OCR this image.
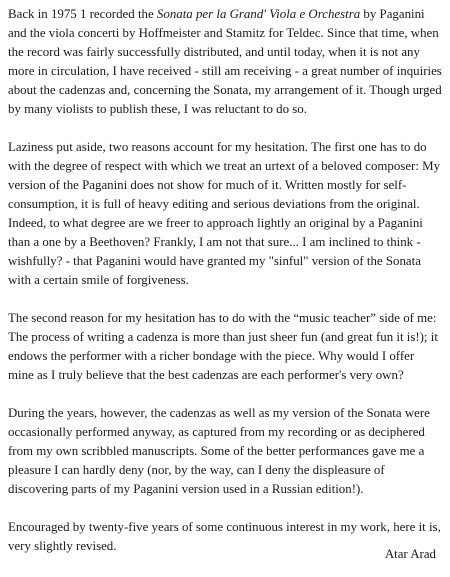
Back in 1975 1 recorded the Sonata per la Grand' Viola e Orchestra by Paganini and the viola concerti by Hoffmeister and Stamitz for Teldec. Since that time, when the record was fairly successfully distributed, and until today, when it is not any more in circulation, I have received - still am receiving - a great number of inquiries about the cadenzas and, concerning the Sonata, my arrangement of it. Though urged by many violists to publish these, I was reluctant to do so.

Laziness put aside, two reasons account for my hesitation. The first one has to do with the degree of respect with which we treat an urtext of a beloved composer: My version of the Paganini does not show for much of it. Written mostly for self-consumption, it is full of heavy editing and serious deviations from the original. Indeed, to what degree are we freer to approach lightly an original by a Paganini than a one by a Beethoven? Frankly, I am not that sure... I am inclined to think - wishfully? - that Paganini would have granted my "sinful" version of the Sonata with a certain smile of forgiveness.

The second reason for my hesitation has to do with the “music teacher” side of me: The process of writing a cadenza is more than just sheer fun (and great fun it is!); it endows the performer with a richer bondage with the piece. Why would I offer mine as I truly believe that the best cadenzas are each performer's very own?

During the years, however, the cadenzas as well as my version of the Sonata were occasionally performed anyway, as captured from my recording or as deciphered from my own scribbled manuscripts. Some of the better performances gave me a pleasure I can hardly deny (nor, by the way, can I deny the displeasure of discovering parts of my Paganini version used in a Russian edition!).

Encouraged by twenty-five years of some continuous interest in my work, here it is, very slightly revised.

Atar Arad
